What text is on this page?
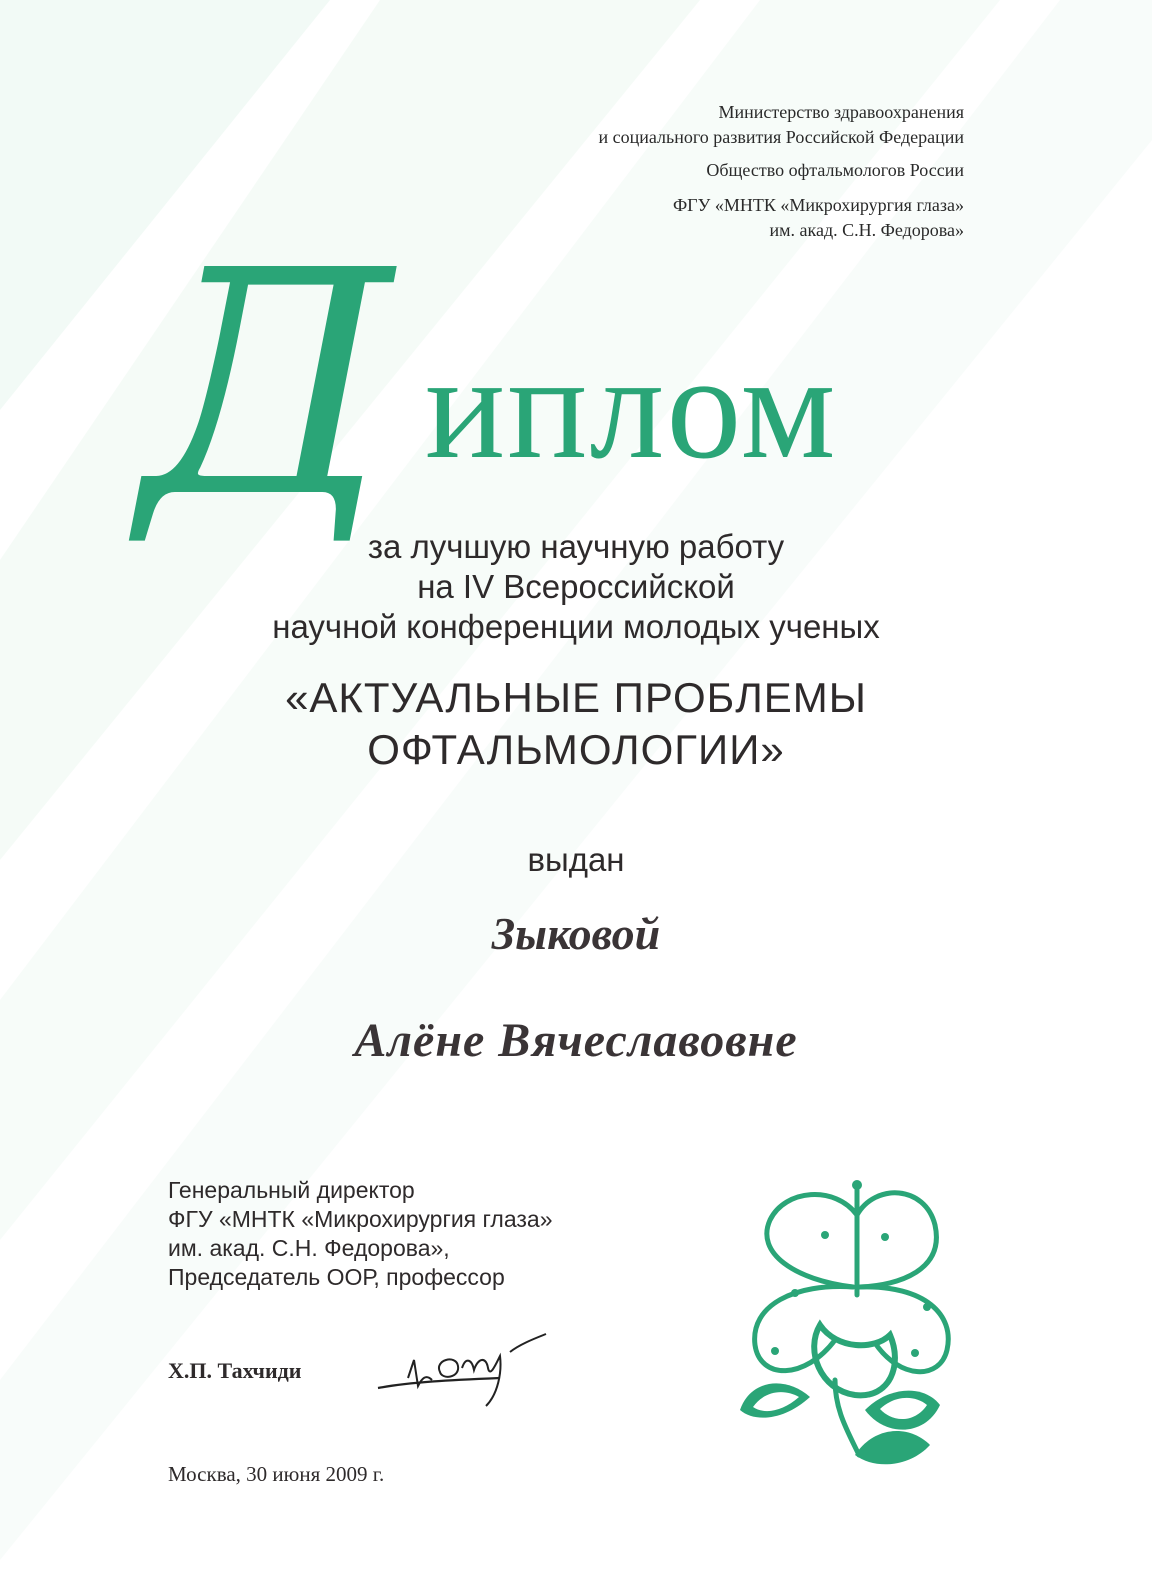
Министерство здравоохранения
и социального развития Российской Федерации
Общество офтальмологов России
ФГУ «МНТК «Микрохирургия глаза»
им. акад. С.Н. Федорова»
Д иплом
за лучшую научную работу
на IV Всероссийской
научной конференции молодых ученых
«АКТУАЛЬНЫЕ ПРОБЛЕМЫ
ОФТАЛЬМОЛОГИИ»
выдан
Зыковой
Алёне Вячеславовне
Генеральный директор
ФГУ «МНТК «Микрохирургия глаза»
им. акад. С.Н. Федорова»,
Председатель ООР, профессор
Х.П. Тахчиди
Москва, 30 июня 2009 г.
